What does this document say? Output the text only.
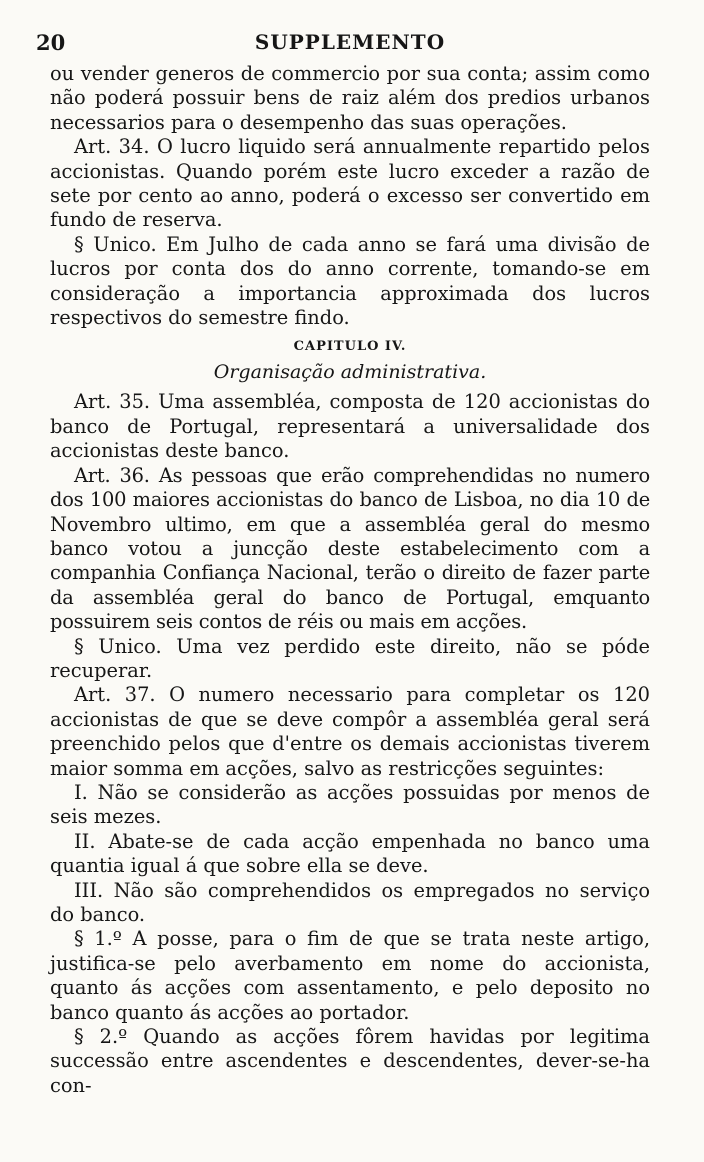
20	SUPPLEMENTO

ou vender generos de commercio por sua conta; assim como não poderá possuir bens de raiz além dos predios urbanos necessarios para o desempenho das suas operações.

Art. 34. O lucro liquido será annualmente repartido pelos accionistas. Quando porém este lucro exceder a razão de sete por cento ao anno, poderá o excesso ser convertido em fundo de reserva.

§ Unico. Em Julho de cada anno se fará uma divisão de lucros por conta dos do anno corrente, tomando-se em consideração a importancia approximada dos lucros respectivos do semestre findo.

CAPITULO IV.
Organisação administrativa.

Art. 35. Uma assembléa, composta de 120 accionistas do banco de Portugal, representará a universalidade dos accionistas deste banco.

Art. 36. As pessoas que erão comprehendidas no numero dos 100 maiores accionistas do banco de Lisboa, no dia 10 de Novembro ultimo, em que a assembléa geral do mesmo banco votou a juncção deste estabelecimento com a companhia Confiança Nacional, terão o direito de fazer parte da assembléa geral do banco de Portugal, emquanto possuirem seis contos de réis ou mais em acções.

§ Unico. Uma vez perdido este direito, não se póde recuperar.

Art. 37. O numero necessario para completar os 120 accionistas de que se deve compôr a assembléa geral será preenchido pelos que d'entre os demais accionistas tiverem maior somma em acções, salvo as restricções seguintes:

I. Não se considerão as acções possuidas por menos de seis mezes.

II. Abate-se de cada acção empenhada no banco uma quantia igual á que sobre ella se deve.

III. Não são comprehendidos os empregados no serviço do banco.

§ 1.º A posse, para o fim de que se trata neste artigo, justifica-se pelo averbamento em nome do accionista, quanto ás acções com assentamento, e pelo deposito no banco quanto ás acções ao portador.

§ 2.º Quando as acções fôrem havidas por legitima successão entre ascendentes e descendentes, dever-se-ha con-
